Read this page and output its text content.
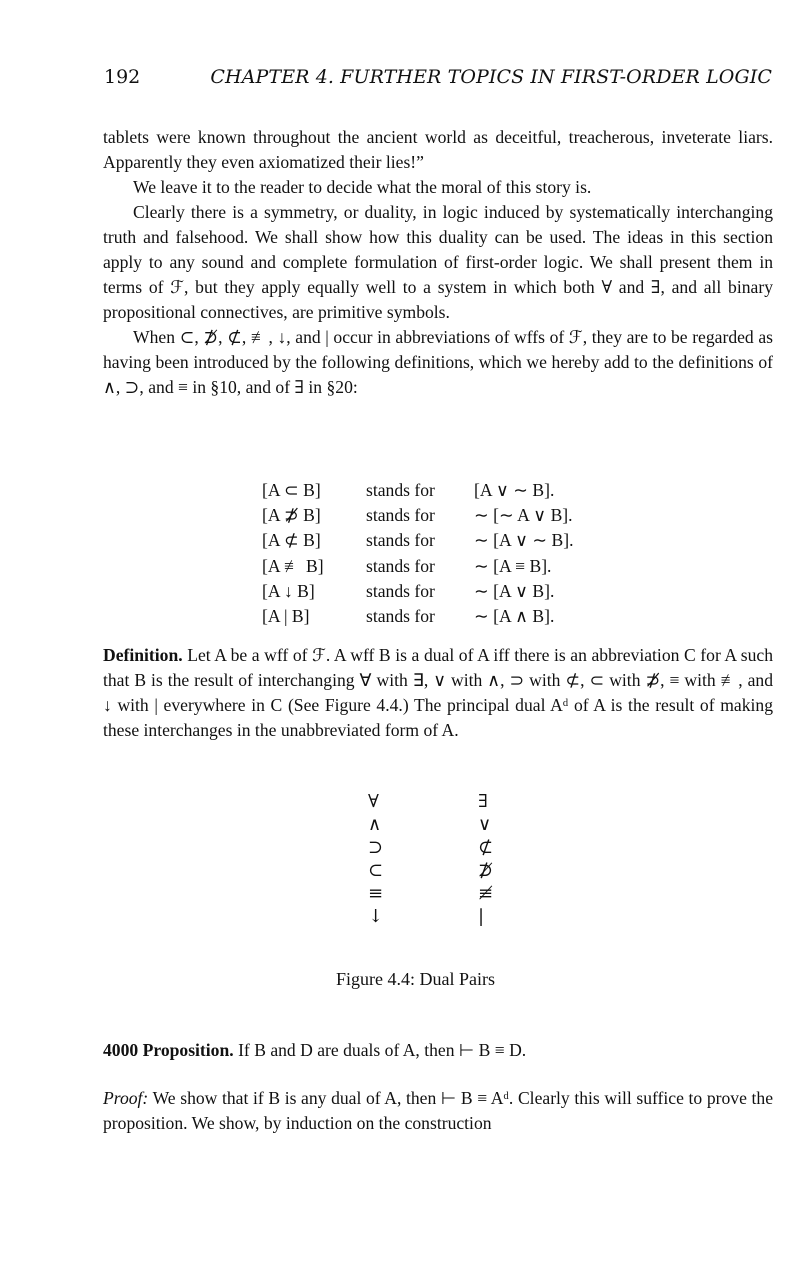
192	CHAPTER 4. FURTHER TOPICS IN FIRST-ORDER LOGIC

tablets were known throughout the ancient world as deceitful, treacherous, inveterate liars. Apparently they even axiomatized their lies!”

We leave it to the reader to decide what the moral of this story is.

Clearly there is a symmetry, or duality, in logic induced by systematically interchanging truth and falsehood. We shall show how this duality can be used. The ideas in this section apply to any sound and complete formulation of first-order logic. We shall present them in terms of ℱ, but they apply equally well to a system in which both ∀ and ∃, and all binary propositional connectives, are primitive symbols.

When ⊂, ⊅̸, ⊄, ≢, ↓, and | occur in abbreviations of wffs of ℱ, they are to be regarded as having been introduced by the following definitions, which we hereby add to the definitions of ∧, ⊃, and ≡ in §10, and of ∃ in §20:

[A ⊂ B]	stands for [A ∨ ∼ B].
[A ⊅̸ B]	stands for ∼ [∼ A ∨ B].
[A ⊄ B]	stands for ∼ [A ∨ ∼ B].
[A ≢ B] stands for ∼ [A ≡ B].
[A ↓ B]	stands for ∼ [A ∨ B].
[A | B]	stands for ∼ [A ∧ B].
Definition. Let A be a wff of ℱ. A wff B is a dual of A iff there is an abbreviation C for A such that B is the result of interchanging ∀ with ∃, ∨ with ∧, ⊃ with ⊄, ⊂ with ⊅̸, ≡ with ≢, and ↓ with | everywhere in C (See Figure 4.4.) The principal dual Aᵈ of A is the result of making these interchanges in the unabbreviated form of A.
∀	∃
∧	∨
⊃	⊄
⊂	⊅̸
≡	≢
↓	|
Figure 4.4: Dual Pairs
4000 Proposition. If B and D are duals of A, then ⊢ B ≡ D.
Proof: We show that if B is any dual of A, then ⊢ B ≡ Aᵈ. Clearly this will suffice to prove the proposition. We show, by induction on the construction
